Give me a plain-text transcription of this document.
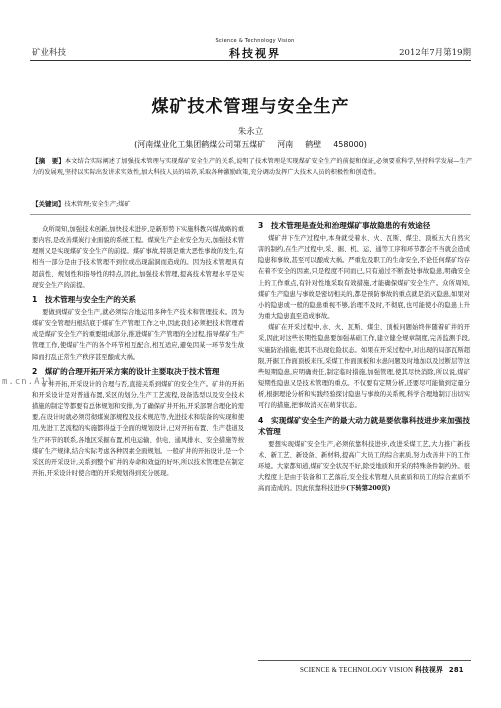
矿业科技
Science & Technology Vision
科技视界	2012年7月第19期
煤矿技术管理与安全生产
朱永立
(河南煤业化工集团鹤煤公司第五煤矿 河南 鹤壁 458000)
【摘　要】本文结合实际阐述了加强技术管理与实现煤矿安全生产的关系,说明了技术管理是实现煤矿安全生产的前提和保证,必须要重科学,坚持科学发展—生产力的发展观,坚持以实际出发讲求实效性,加大科技人员的培养,采取各种激励政策,充分调动发挥广大技术人员的积极性和创造性。
【关键词】技术管理;安全生产;煤矿

众所周知,加强技术创新,加快技术进步,是新形势下实施科教兴煤战略的重要内容,是改善煤炭行业面貌的系统工程。煤炭生产企业安全为天,加强技术管理则又是实现煤矿安全生产的前提。煤矿事故,特别是重大恶性事故的发生,有相当一部分是由于技术管理不到位或出现漏洞而造成的。因为技术管理具有超前性、规划性和指导性的特点,因此,加强技术管理,提高技术管理水平是实现安全生产的前提。

1　技术管理与安全生产的关系

要做到煤矿安全生产,就必须综合地运用多种生产技术和管理技术。因为煤矿安全管理归根结底于煤矿生产管理工作之中,因此我们必须把技术管理看成是煤矿安全生产的重要组成部分,推进煤矿生产管理的全过程,指导煤矿生产管理工作,使煤矿生产的各个环节相互配合,相互适应,避免因某一环节发生故障而打乱正常生产秩序甚至酿成大祸。

2　煤矿的合理开拓开采方案的设计主要取决于技术管理

矿井开拓,开采设计的合理与否,直接关系到煤矿的安全生产。矿井的开拓和开采设计是对普通布置,采区的划分,生产工艺流程,设备选型以及安全技术措施的制定等都要有总体规划和安排,为了确保矿井开拓,开采部署合理化的需要,在设计时就必须贯彻煤炭部规程及技术规范等,先进技术和装备的实现和使用,先进工艺流程的实施都得益于全面的规划设计,已对开拓布置、生产巷道及生产环节的联系,各地区采掘布置,机电运输、供电、通风排水、安全措施等按煤矿生产规律,结合实际考虑各种因素全面规划。一般矿井的开拓设计,是一个采区的开采设计,关系到整个矿井的寿命和效益的好坏,所以技术管理是在制定开拓,开采设计时使合理的开采规划得到充分展现。

3　技术管理是查处和治理煤矿事故隐患的有效途径

煤矿井下生产过程中,本身就受着水、火、瓦斯、煤尘、顶板五大自然灾害的制约,在生产过程中,采、掘、机、运、通等工序和环节都会不当就会造成隐患和事故,甚至可以酿成大祸。严重危及职工的生命安全,不论任何煤矿均存在着不安全的因素,只是程度不同而已,只有通过不断查处事故隐患,明确安全上的工作重点,有针对性地采取有效措施,才能确保煤矿安全生产。众所周知,煤矿生产隐患与事故是密切相关的,都是预防事故的重点就是消灭隐患,如果对小的隐患或一般的隐患重视不够,治理不及时,不彻底,也可能使小的隐患上升为重大隐患直至造成事故。

煤矿在开采过程中,水、火、瓦斯、煤尘、顶板问题始终伴随着矿井的开采,因此对这些长期性隐患要加强基础工作,建立健全规章制度,完善监测手段,实施防治措施,使其不出现危险状态。如果在开采过程中,对出现的局部瓦斯超限,开掘工作面顶板来压,采煤工作面顶板和水患问题及时地加以及过断层等这些短期隐患,应明确责任,制定临时措施,加强管理,使其尽快消除,所以说,煤矿短期性隐患又是技术管理的重点。不仅要有定期分析,还要尽可能做到定量分析,根据理论分析和实践经验探讨隐患与事故的关系规,科学合理地制订出切实可行的措施,把事故消灭在萌芽状态。

4　实现煤矿安全生产的最大动力就是要依靠科技进步来加强技术管理

要想实现煤矿安全生产,必须依靠科技进步,改进采煤工艺,大力推广新技术、新工艺、新设备、新材料,提高广大员工的综合素质,努力改善井下的工作环境。大家都知道,煤矿安全状况不好,除受地质和开采的特殊条件制约外。很大程度上是由于装备和工艺落后,安全技术管理人员素质和员工的综合素质不高而造成的。因此依靠科技进步(下转第200页)

m.cn.A11
SCIENCE & TECHNOLOGY VISION 科技视界 281
